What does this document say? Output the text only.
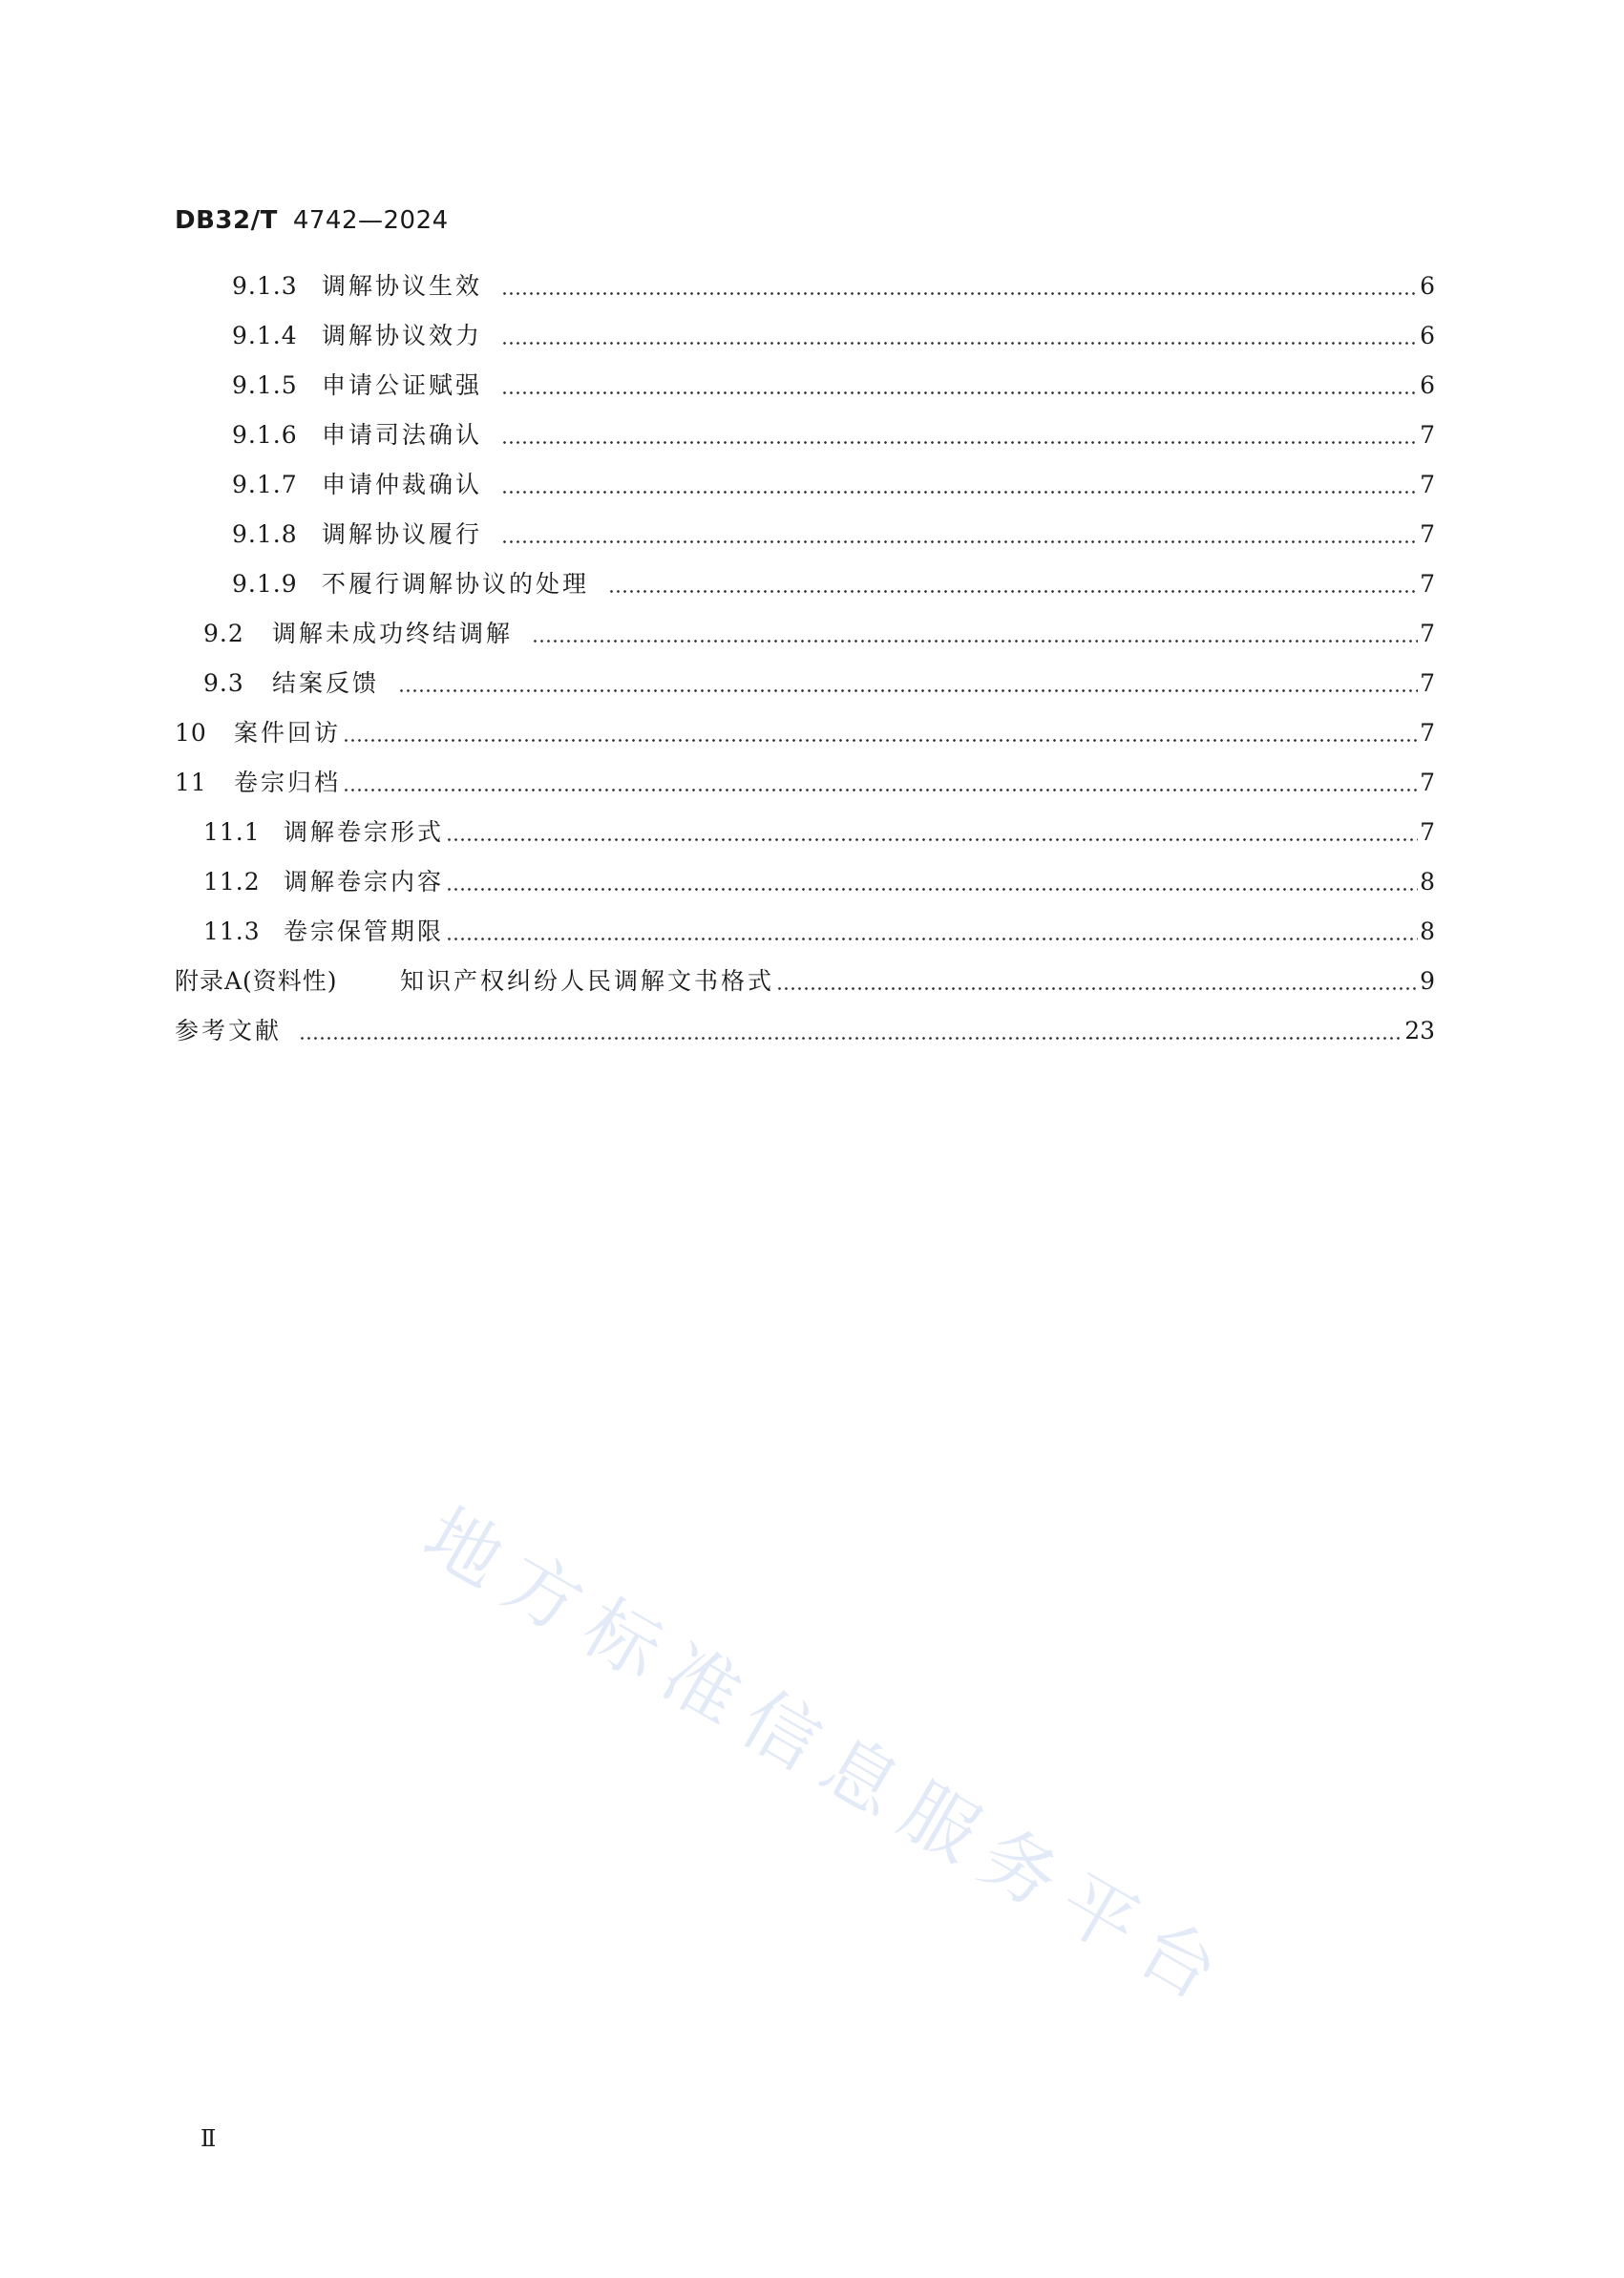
DB32/T 4742—2024
9.1.3	调解协议生效	6
9.1.4	调解协议效力	6
9.1.5	申请公证赋强	6
9.1.6	申请司法确认	7
9.1.7	申请仲裁确认	7
9.1.8	调解协议履行	7
9.1.9	不履行调解协议的处理	7
9.2	调解未成功终结调解	7
9.3	结案反馈	7
10	案件回访	7
11	卷宗归档	7
11.1 调解卷宗形式	7
11.2 调解卷宗内容	8
11.3 卷宗保管期限	8
附录A(资料性)	知识产权纠纷人民调解文书格式	9
参考文献	23
地方标准信息服务平台
Ⅱ
